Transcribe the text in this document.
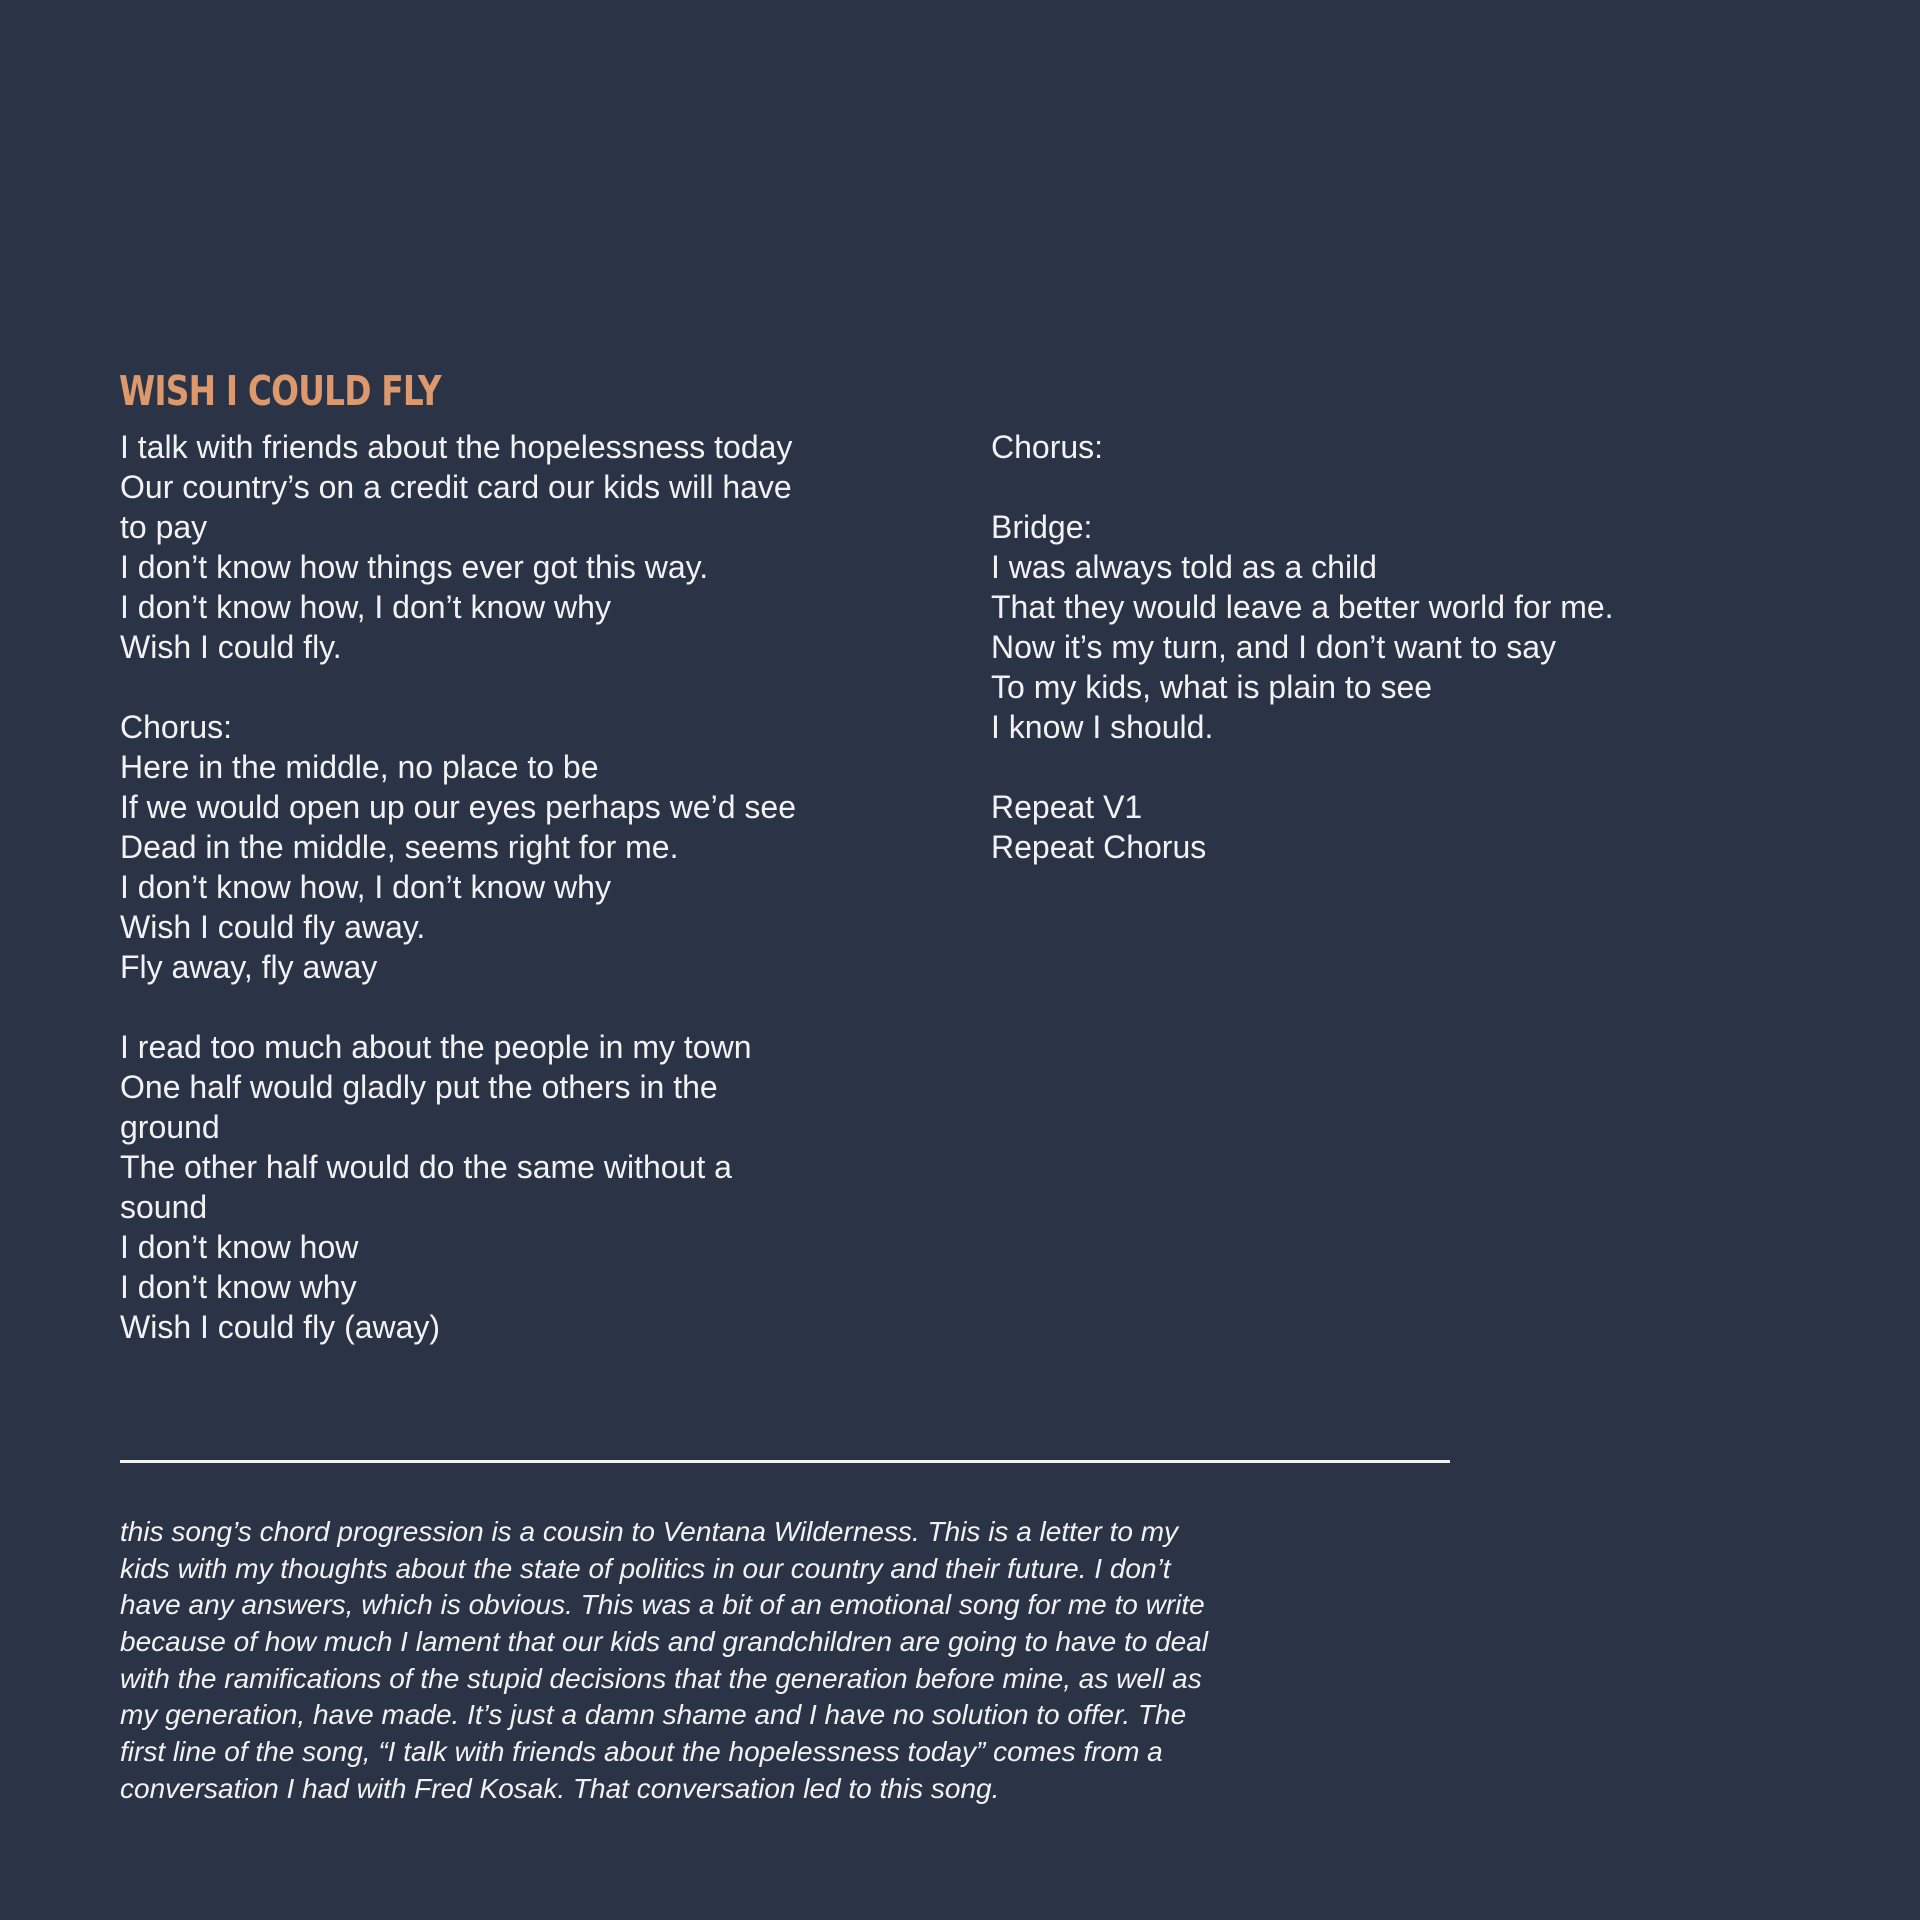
WISH I COULD FLY
I talk with friends about the hopelessness today
Our country’s on a credit card our kids will have
to pay
I don’t know how things ever got this way.
I don’t know how, I don’t know why
Wish I could fly.
Chorus:
Here in the middle, no place to be
If we would open up our eyes perhaps we’d see
Dead in the middle, seems right for me.
I don’t know how, I don’t know why
Wish I could fly away.
Fly away, fly away
I read too much about the people in my town
One half would gladly put the others in the
ground
The other half would do the same without a
sound
I don’t know how
I don’t know why
Wish I could fly (away)
Chorus:
Bridge:
I was always told as a child
That they would leave a better world for me.
Now it’s my turn, and I don’t want to say
To my kids, what is plain to see
I know I should.
Repeat V1
Repeat Chorus
this song’s chord progression is a cousin to Ventana Wilderness. This is a letter to my
kids with my thoughts about the state of politics in our country and their future. I don’t
have any answers, which is obvious. This was a bit of an emotional song for me to write
because of how much I lament that our kids and grandchildren are going to have to deal
with the ramifications of the stupid decisions that the generation before mine, as well as
my generation, have made. It’s just a damn shame and I have no solution to offer. The
first line of the song, “I talk with friends about the hopelessness today” comes from a
conversation I had with Fred Kosak. That conversation led to this song.
